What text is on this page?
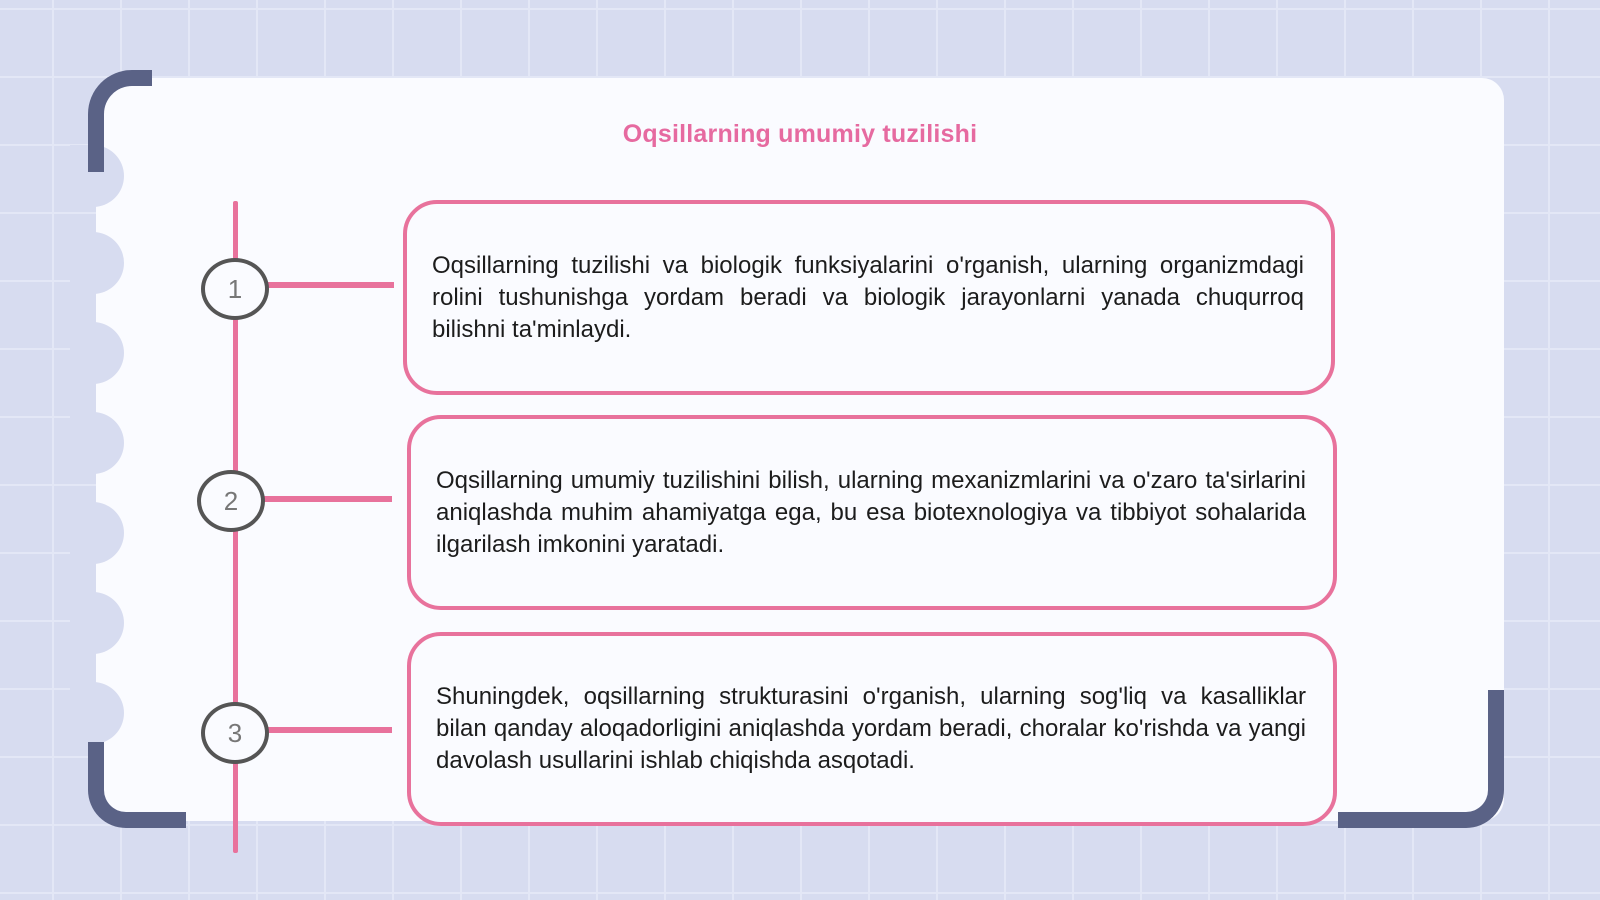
Oqsillarning umumiy tuzilishi
1

Oqsillarning tuzilishi va biologik funksiyalarini o'rganish, ularning organizmdagi rolini tushunishga yordam beradi va biologik jarayonlarni yanada chuqurroq bilishni ta'minlaydi.

2

Oqsillarning umumiy tuzilishini bilish, ularning mexanizmlarini va o'zaro ta'sirlarini aniqlashda muhim ahamiyatga ega, bu esa biotexnologiya va tibbiyot sohalarida ilgarilash imkonini yaratadi.

3

Shuningdek, oqsillarning strukturasini o'rganish, ularning sog'liq va kasalliklar bilan qanday aloqadorligini aniqlashda yordam beradi, choralar ko'rishda va yangi davolash usullarini ishlab chiqishda asqotadi.
